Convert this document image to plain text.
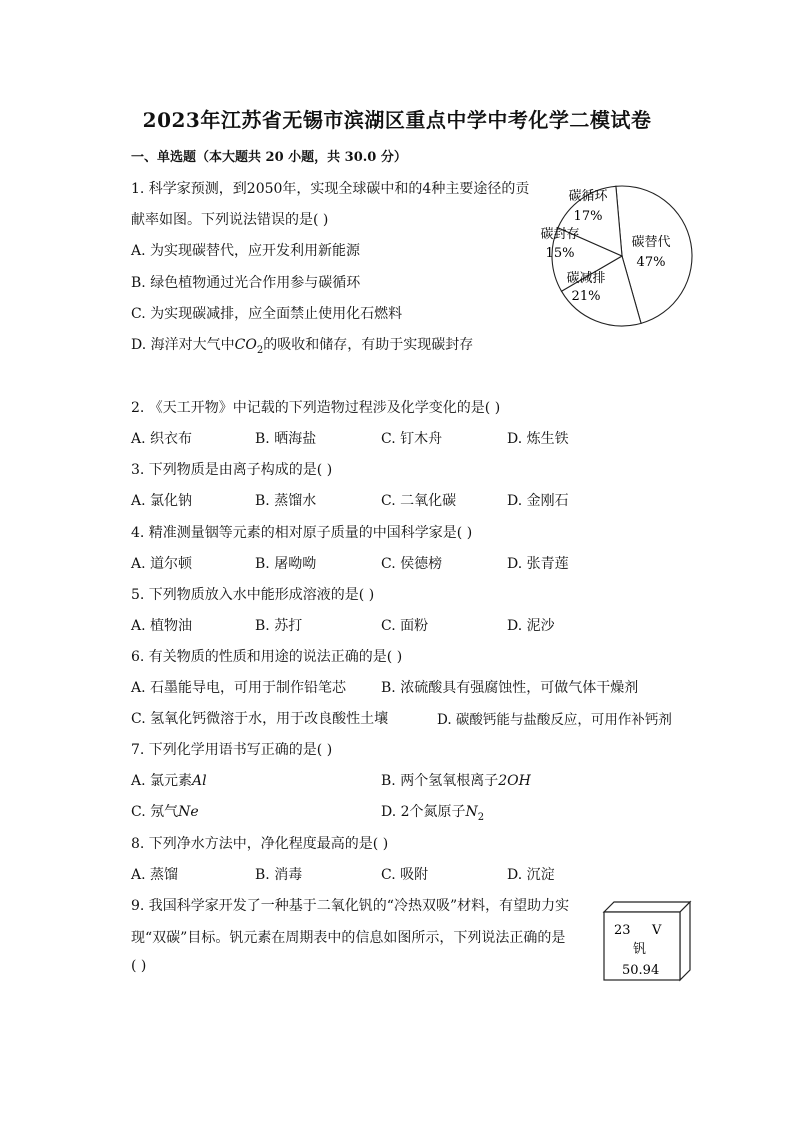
2023年江苏省无锡市滨湖区重点中学中考化学二模试卷
一、单选题（本大题共 20 小题，共 30.0 分）
1. 科学家预测，到2050年，实现全球碳中和的4种主要途径的贡
献率如图。下列说法错误的是( )
A. 为实现碳替代，应开发利用新能源
B. 绿色植物通过光合作用参与碳循环
C. 为实现碳减排，应全面禁止使用化石燃料
D. 海洋对大气中$CO_2$的吸收和储存，有助于实现碳封存
碳替代
47%
碳减排
21%
碳封存
15%
碳循环
17%
2. 《天工开物》中记载的下列造物过程涉及化学变化的是( )
A. 织衣布	B. 晒海盐	C. 钉木舟	D. 炼生铁
3. 下列物质是由离子构成的是( )
A. 氯化钠	B. 蒸馏水	C. 二氧化碳	D. 金刚石
4. 精准测量铟等元素的相对原子质量的中国科学家是( )
A. 道尔顿	B. 屠呦呦	C. 侯德榜	D. 张青莲
5. 下列物质放入水中能形成溶液的是( )
A. 植物油	B. 苏打	C. 面粉	D. 泥沙
6. 有关物质的性质和用途的说法正确的是( )
A. 石墨能导电，可用于制作铅笔芯 B. 浓硫酸具有强腐蚀性，可做气体干燥剂
C. 氢氧化钙微溶于水，用于改良酸性土壤	D. 碳酸钙能与盐酸反应，可用作补钙剂
7. 下列化学用语书写正确的是( )
A. 氯元素Al	B. 两个氢氧根离子2OH
C. 氖气Ne	D. 2个氮原子$N_2$
8. 下列净水方法中，净化程度最高的是( )
A. 蒸馏	B. 消毒	C. 吸附	D. 沉淀
9. 我国科学家开发了一种基于二氧化钒的“冷热双吸”材料，有望助力实
现“双碳”目标。钒元素在周期表中的信息如图所示，下列说法正确的是
( )
23 V
钒
50.94
